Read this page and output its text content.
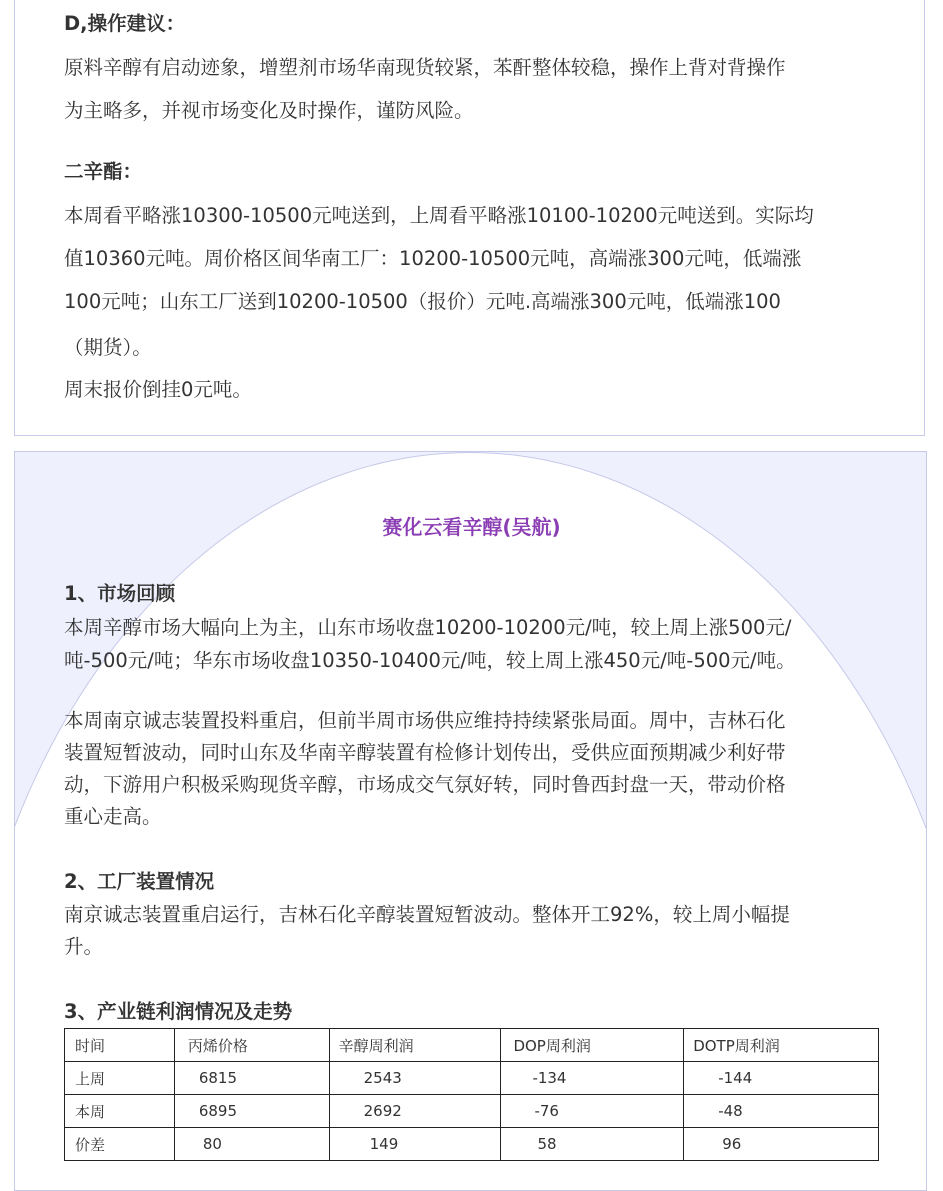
D,操作建议：
原料辛醇有启动迹象，增塑剂市场华南现货较紧，苯酐整体较稳，操作上背对背操作
为主略多，并视市场变化及时操作，谨防风险。
二辛酯：
本周看平略涨10300-10500元吨送到，上周看平略涨10100-10200元吨送到。实际均
值10360元吨。周价格区间华南工厂：10200-10500元吨，高端涨300元吨，低端涨
100元吨；山东工厂送到10200-10500（报价）元吨.高端涨300元吨，低端涨100
（期货）。
周末报价倒挂0元吨。
赛化云看辛醇(吴航)
1、市场回顾
本周辛醇市场大幅向上为主，山东市场收盘10200-10200元/吨，较上周上涨500元/
吨-500元/吨；华东市场收盘10350-10400元/吨，较上周上涨450元/吨-500元/吨。
本周南京诚志装置投料重启，但前半周市场供应维持持续紧张局面。周中，吉林石化
装置短暂波动，同时山东及华南辛醇装置有检修计划传出，受供应面预期减少利好带
动，下游用户积极采购现货辛醇，市场成交气氛好转，同时鲁西封盘一天，带动价格
重心走高。
2、工厂装置情况
南京诚志装置重启运行，吉林石化辛醇装置短暂波动。整体开工92%，较上周小幅提
升。
3、产业链利润情况及走势
时间	丙烯价格	辛醇周利润	DOP周利润	DOTP周利润
上周	6815	2543	-134	-144
本周	6895	2692	-76	-48
价差	80	149	58	96
